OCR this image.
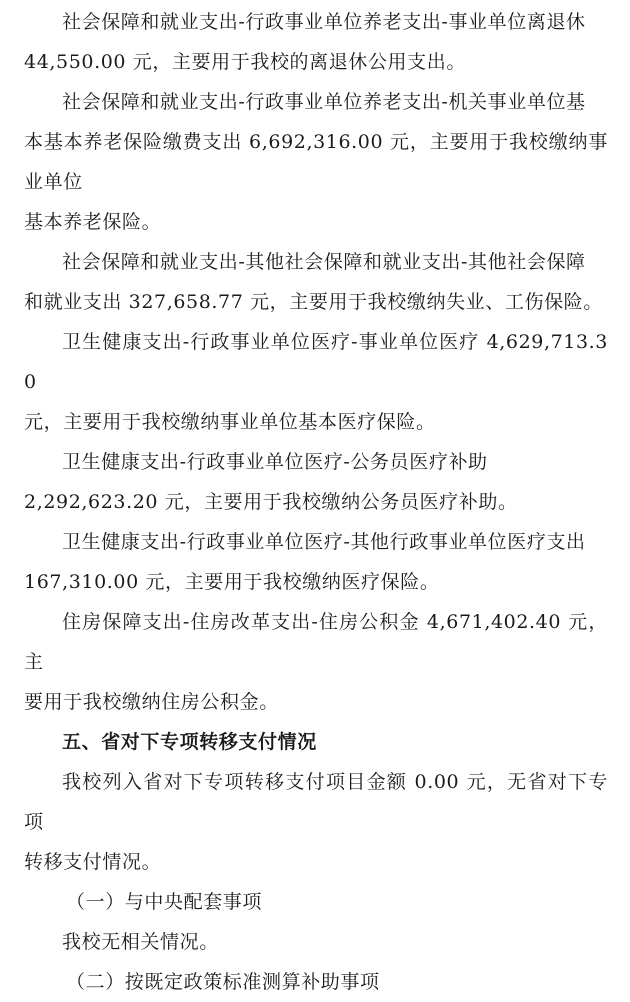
社会保障和就业支出-行政事业单位养老支出-事业单位离退休
44,550.00 元，主要用于我校的离退休公用支出。

社会保障和就业支出-行政事业单位养老支出-机关事业单位基
本基本养老保险缴费支出 6,692,316.00 元，主要用于我校缴纳事业单位
基本养老保险。

社会保障和就业支出-其他社会保障和就业支出-其他社会保障
和就业支出 327,658.77 元，主要用于我校缴纳失业、工伤保险。

卫生健康支出-行政事业单位医疗-事业单位医疗 4,629,713.30
元，主要用于我校缴纳事业单位基本医疗保险。

卫生健康支出-行政事业单位医疗-公务员医疗补助
2,292,623.20 元，主要用于我校缴纳公务员医疗补助。

卫生健康支出-行政事业单位医疗-其他行政事业单位医疗支出
167,310.00 元，主要用于我校缴纳医疗保险。

住房保障支出-住房改革支出-住房公积金 4,671,402.40 元，主
要用于我校缴纳住房公积金。

五、省对下专项转移支付情况

我校列入省对下专项转移支付项目金额 0.00 元，无省对下专项
转移支付情况。

（一）与中央配套事项

我校无相关情况。

（二）按既定政策标准测算补助事项
